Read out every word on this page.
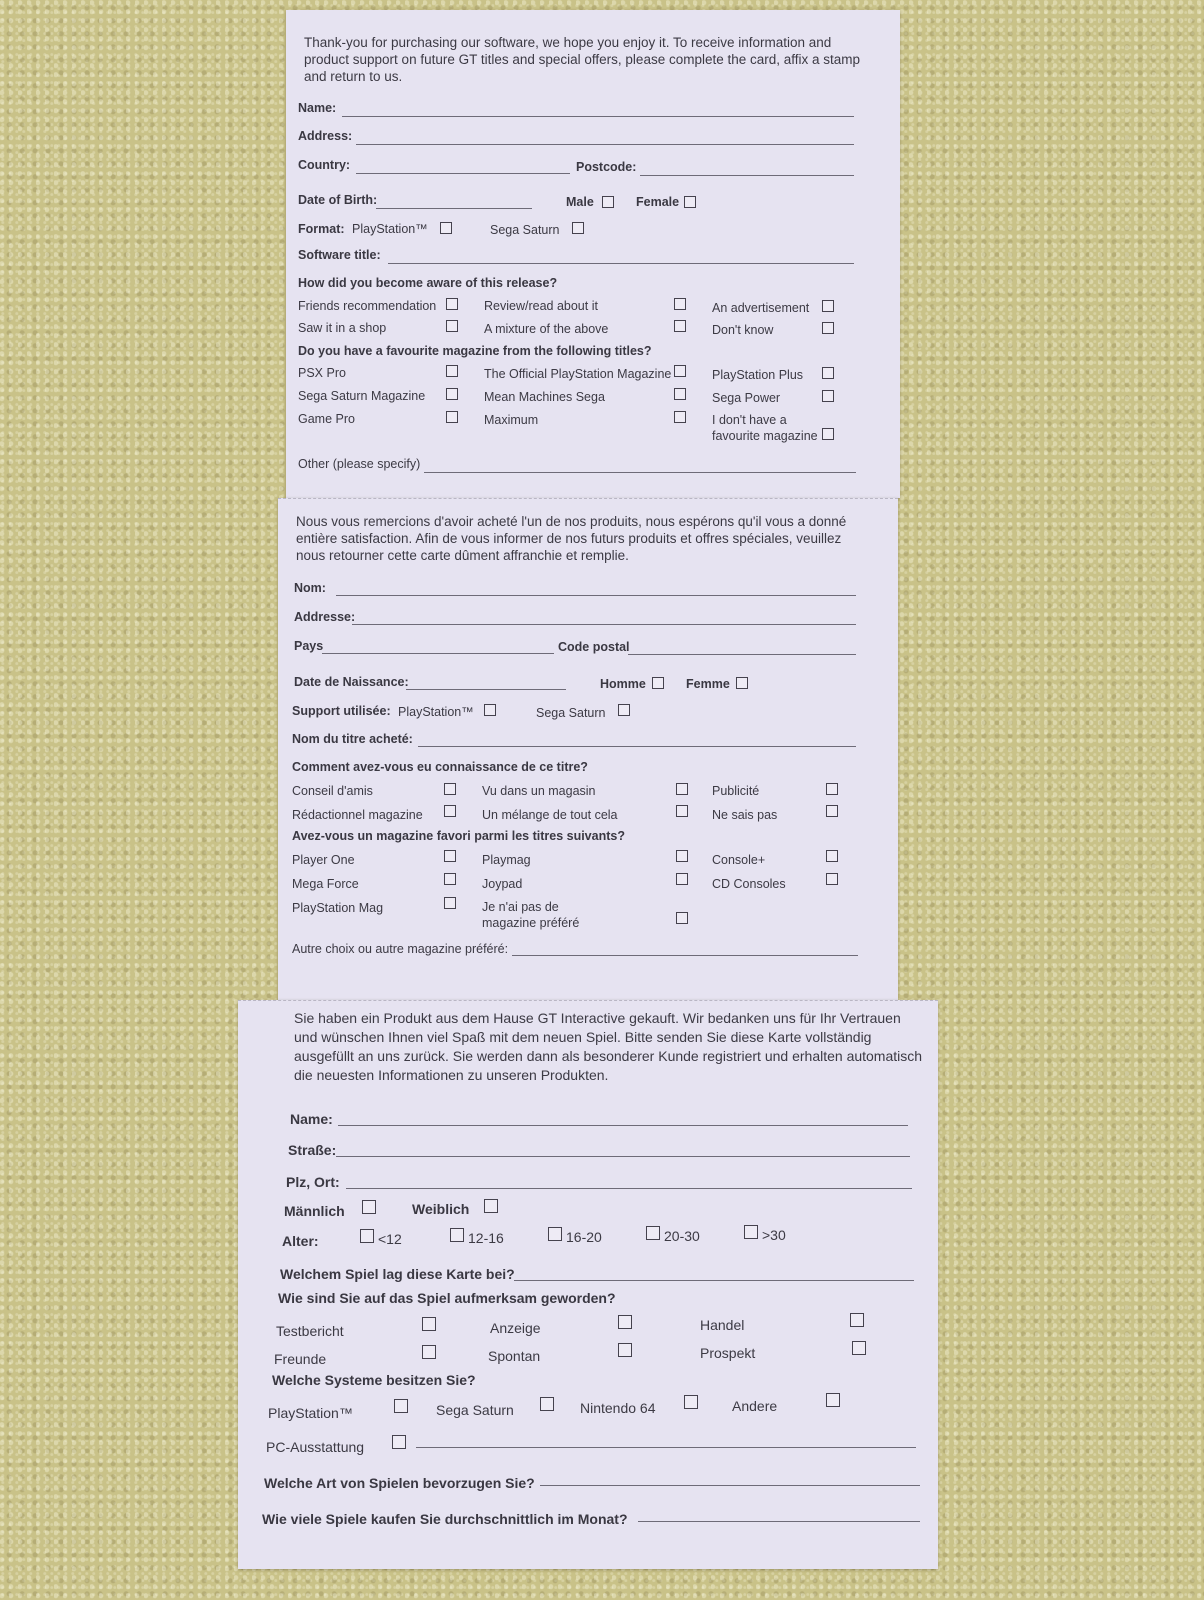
Thank-you for purchasing our software, we hope you enjoy it. To receive information and product support on future GT titles and special offers, please complete the card, affix a stamp and return to us.

Name:
Address:
Country:	Postcode:
Date of Birth:	Male	Female
Format: PlayStation™	Sega Saturn
Software title:
How did you become aware of this release?
Friends recommendation	Review/read about it	An advertisement
Saw it in a shop	A mixture of the above	Don't know
Do you have a favourite magazine from the following titles?
PSX Pro	The Official PlayStation Magazine	PlayStation Plus
Sega Saturn Magazine	Mean Machines Sega	Sega Power
Game Pro	Maximum	I don't have a
favourite magazine
Other (please specify)

Nous vous remercions d'avoir acheté l'un de nos produits, nous espérons qu'il vous a donné entière satisfaction. Afin de vous informer de nos futurs produits et offres spéciales, veuillez nous retourner cette carte dûment affranchie et remplie.

Nom:
Addresse:
Pays	Code postal
Date de Naissance:	Homme	Femme
Support utilisée: PlayStation™	Sega Saturn
Nom du titre acheté:
Comment avez-vous eu connaissance de ce titre?
Conseil d'amis	Vu dans un magasin	Publicité
Rédactionnel magazine	Un mélange de tout cela	Ne sais pas
Avez-vous un magazine favori parmi les titres suivants?
Player One	Playmag	Console+
Mega Force	Joypad	CD Consoles
PlayStation Mag	Je n'ai pas de
magazine préféré
Autre choix ou autre magazine préféré:

Sie haben ein Produkt aus dem Hause GT Interactive gekauft. Wir bedanken uns für Ihr Vertrauen und wünschen Ihnen viel Spaß mit dem neuen Spiel. Bitte senden Sie diese Karte vollständig ausgefüllt an uns zurück. Sie werden dann als besonderer Kunde registriert und erhalten automatisch die neuesten Informationen zu unseren Produkten.

Name:
Straße:
Plz, Ort:
Männlich	Weiblich
Alter:	<12	12-16	16-20	20-30	>30
Welchem Spiel lag diese Karte bei?
Wie sind Sie auf das Spiel aufmerksam geworden?
Testbericht	Anzeige	Handel
Freunde	Spontan	Prospekt
Welche Systeme besitzen Sie?
PlayStation™	Sega Saturn	Nintendo 64	Andere
PC-Ausstattung
Welche Art von Spielen bevorzugen Sie?
Wie viele Spiele kaufen Sie durchschnittlich im Monat?
